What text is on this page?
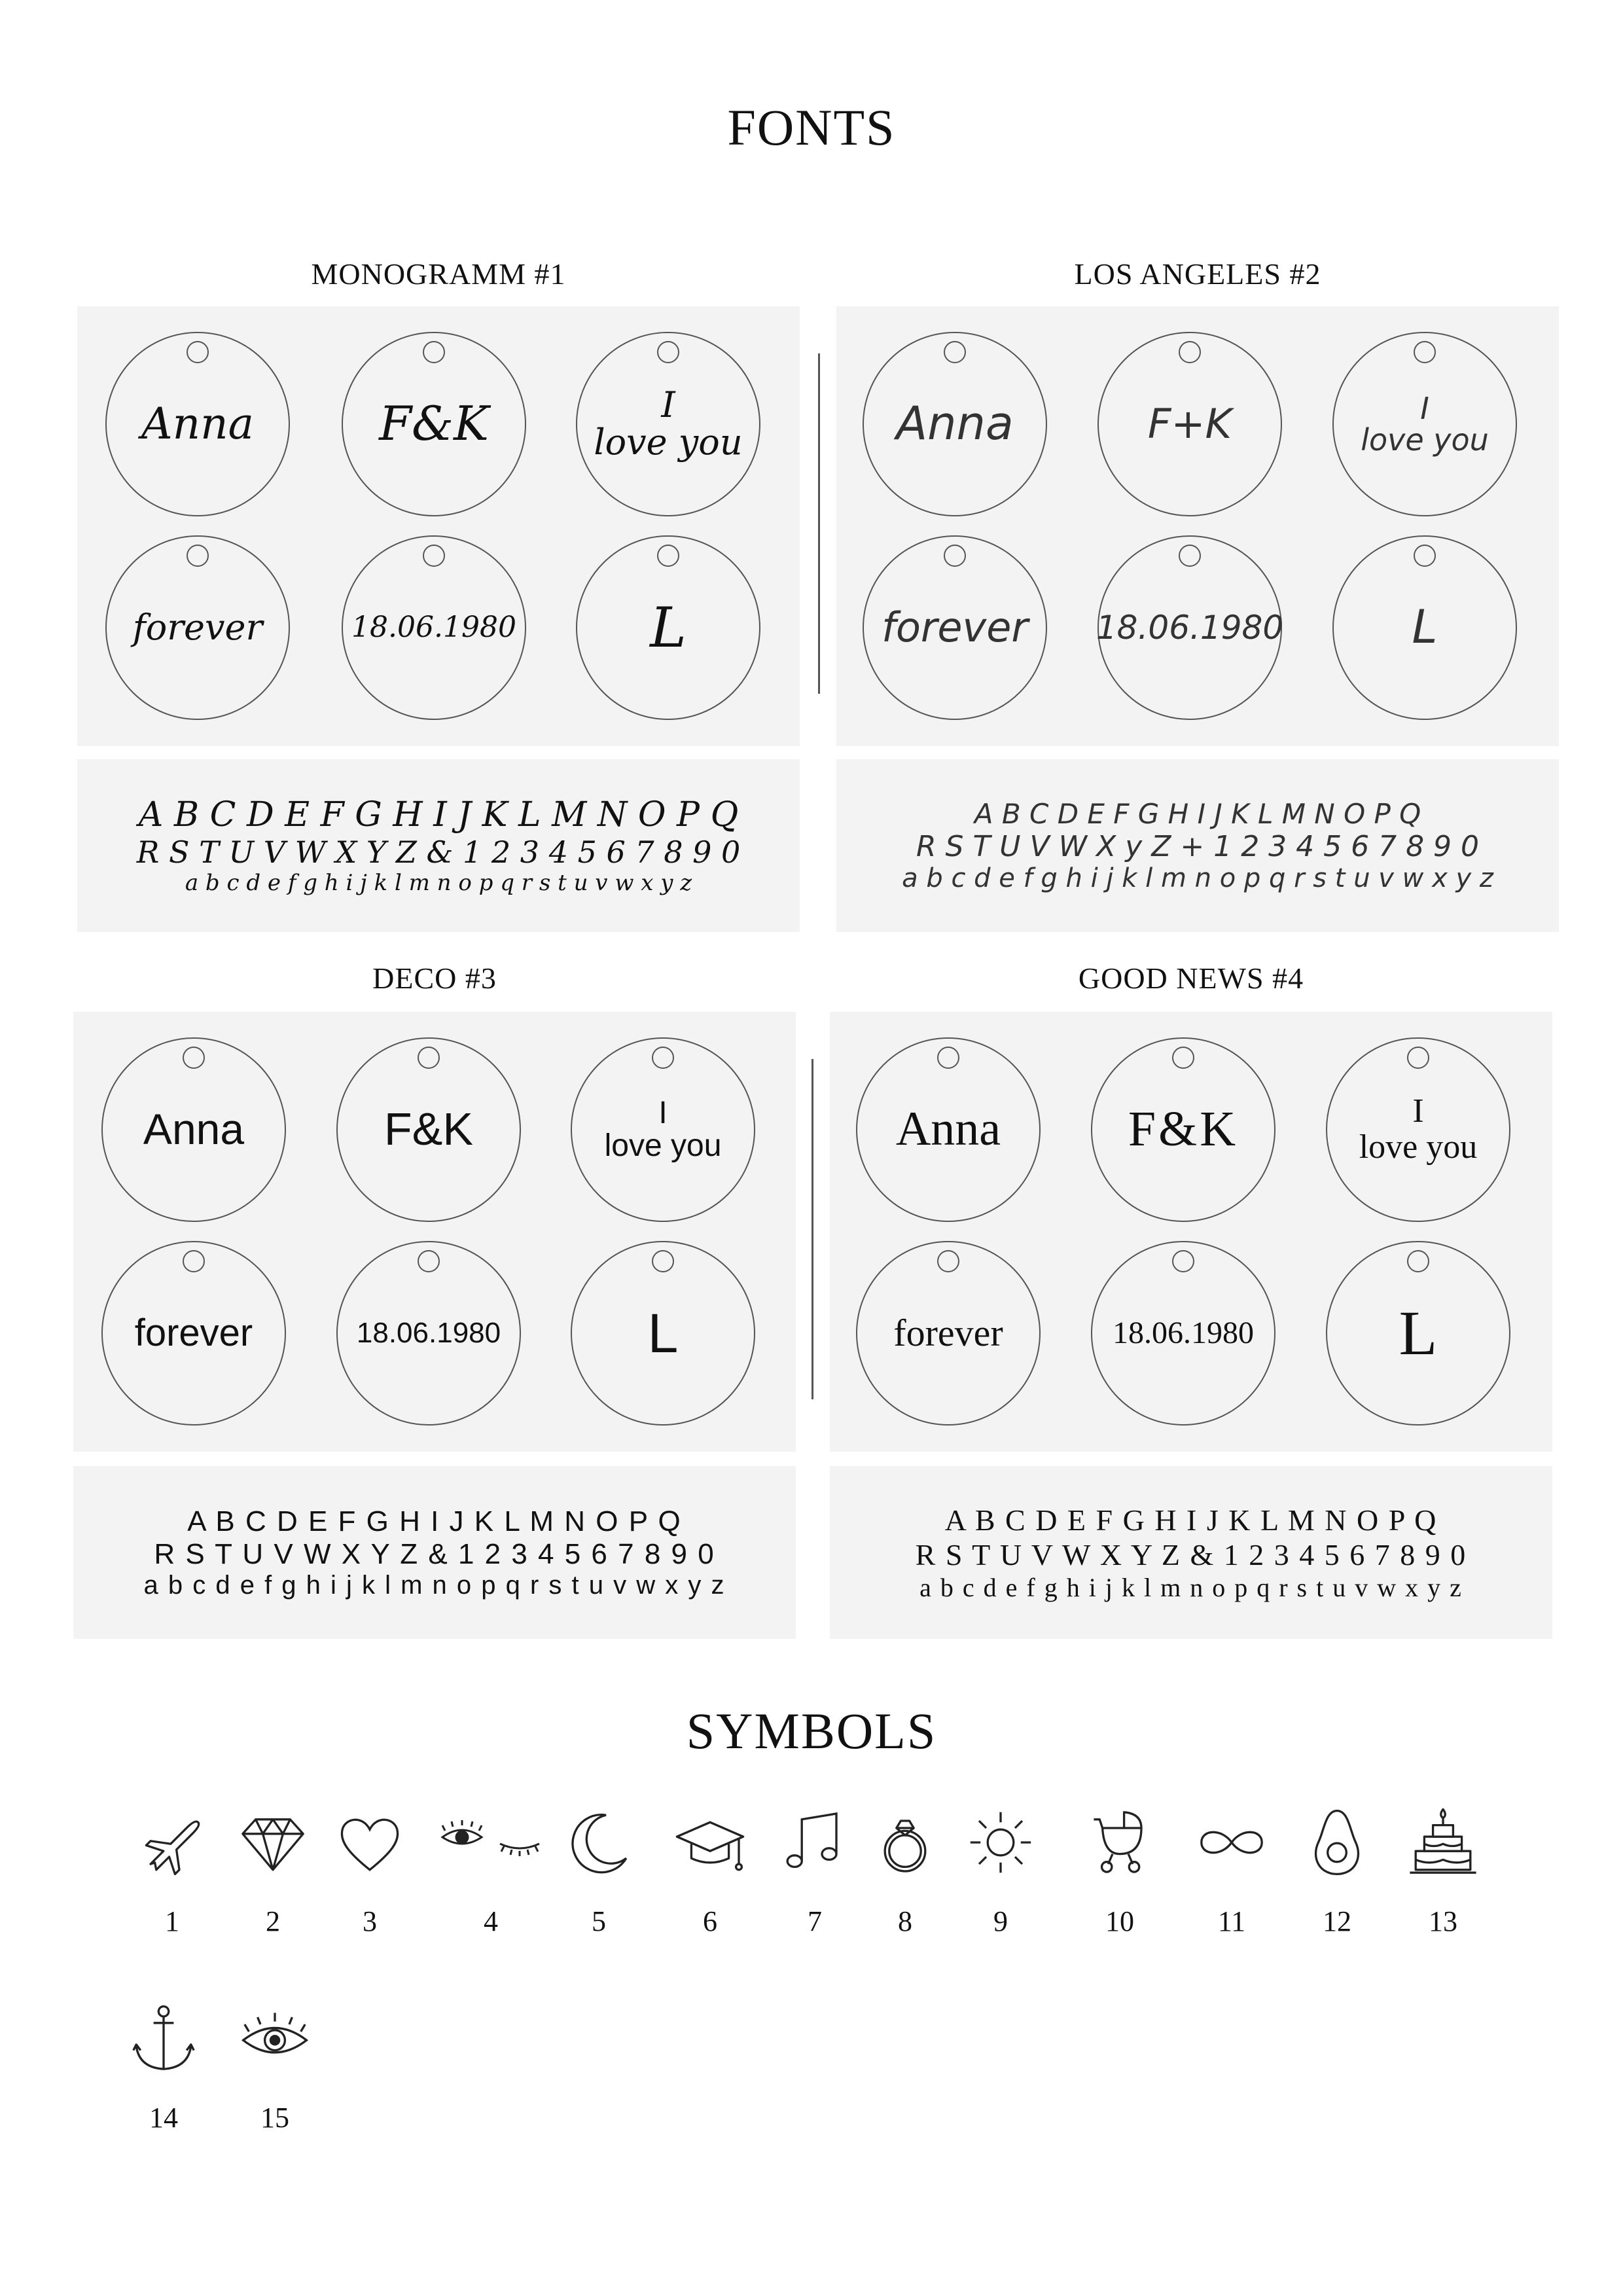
FONTS
MONOGRAMM #1
Anna	F&K	I
love you
forever	18.06.1980 L
A B C D E F G H I J K L M N O P Q
R S T U V W X Y Z & 1 2 3 4 5 6 7 8 9 0
a b c d e f g h i j k l m n o p q r s t u v w x y z
LOS ANGELES #2
Anna	F+K	I
love you
forever 18.06.1980	L
A B C D E F G H I J K L M N O P Q
R S T U V W X y Z + 1 2 3 4 5 6 7 8 9 0
a b c d e f g h i j k l m n o p q r s t u v w x y z
DECO #3
Anna	F&K	I
love you
forever	18.06.1980	L
A B C D E F G H I J K L M N O P Q
R S T U V W X Y Z & 1 2 3 4 5 6 7 8 9 0
a b c d e f g h i j k l m n o p q r s t u v w x y z
GOOD NEWS #4
Anna	F&K	I
love you
forever	18.06.1980 L
A B C D E F G H I J K L M N O P Q
R S T U V W X Y Z & 1 2 3 4 5 6 7 8 9 0
a b c d e f g h i j k l m n o p q r s t u v w x y z
SYMBOLS
1	2	3	4	5	6	7	8	9	10	11	12	13
14	15
